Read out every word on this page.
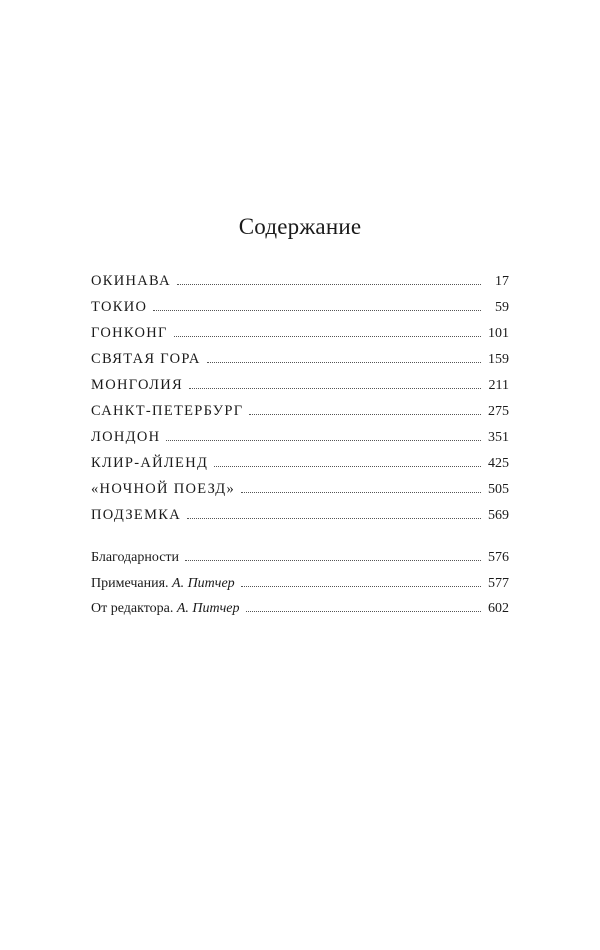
Содержание
ОКИНАВА	17
ТОКИО	59
ГОНКОНГ	101
СВЯТАЯ ГОРА	159
МОНГОЛИЯ	211
САНКТ-ПЕТЕРБУРГ	275
ЛОНДОН	351
КЛИР-АЙЛЕНД	425
«НОЧНОЙ ПОЕЗД»	505
ПОДЗЕМКА	569
Благодарности	576
Примечания. А. Питчер	577
От редактора. А. Питчер	602
